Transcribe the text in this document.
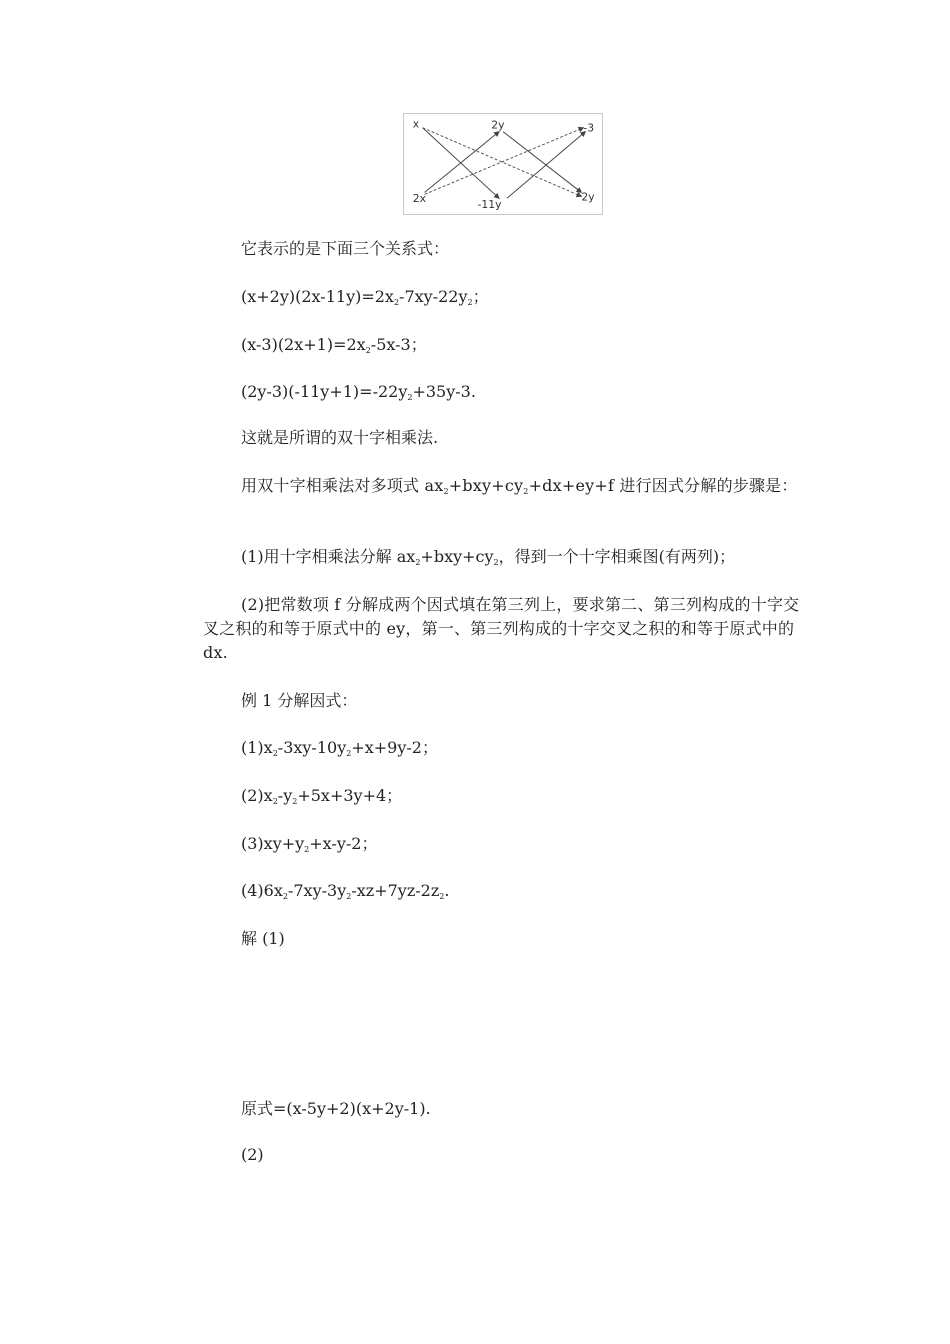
x	2y	-3
2x	-11y
2y
它表示的是下面三个关系式：
$(x+2y)(2x-11y)=2x_2-7xy-22y_2$；
$(x-3)(2x+1)=2x_2-5x-3$；
$(2y-3)(-11y+1)=-22y_2+35y-3$.
这就是所谓的双十字相乘法.
用双十字相乘法对多项式 $ax_2+bxy+cy_2+dx+ey+f$ 进行因式分解的步骤是：
(1)用十字相乘法分解 $ax_2+bxy+cy_2$，得到一个十字相乘图(有两列)；
(2)把常数项 f 分解成两个因式填在第三列上，要求第二、第三列构成的十字交叉之积的和等于原式中的 ey，第一、第三列构成的十字交叉之积的和等于原式中的 dx.
例 1 分解因式：
$(1)x_2-3xy-10y_2+x+9y-2$；
$(2)x_2-y_2+5x+3y+4$；
$(3)xy+y_2+x-y-2$；
$(4)6x_2-7xy-3y_2-xz+7yz-2z_2$.
解 (1)
原式=(x-5y+2)(x+2y-1).
(2)
